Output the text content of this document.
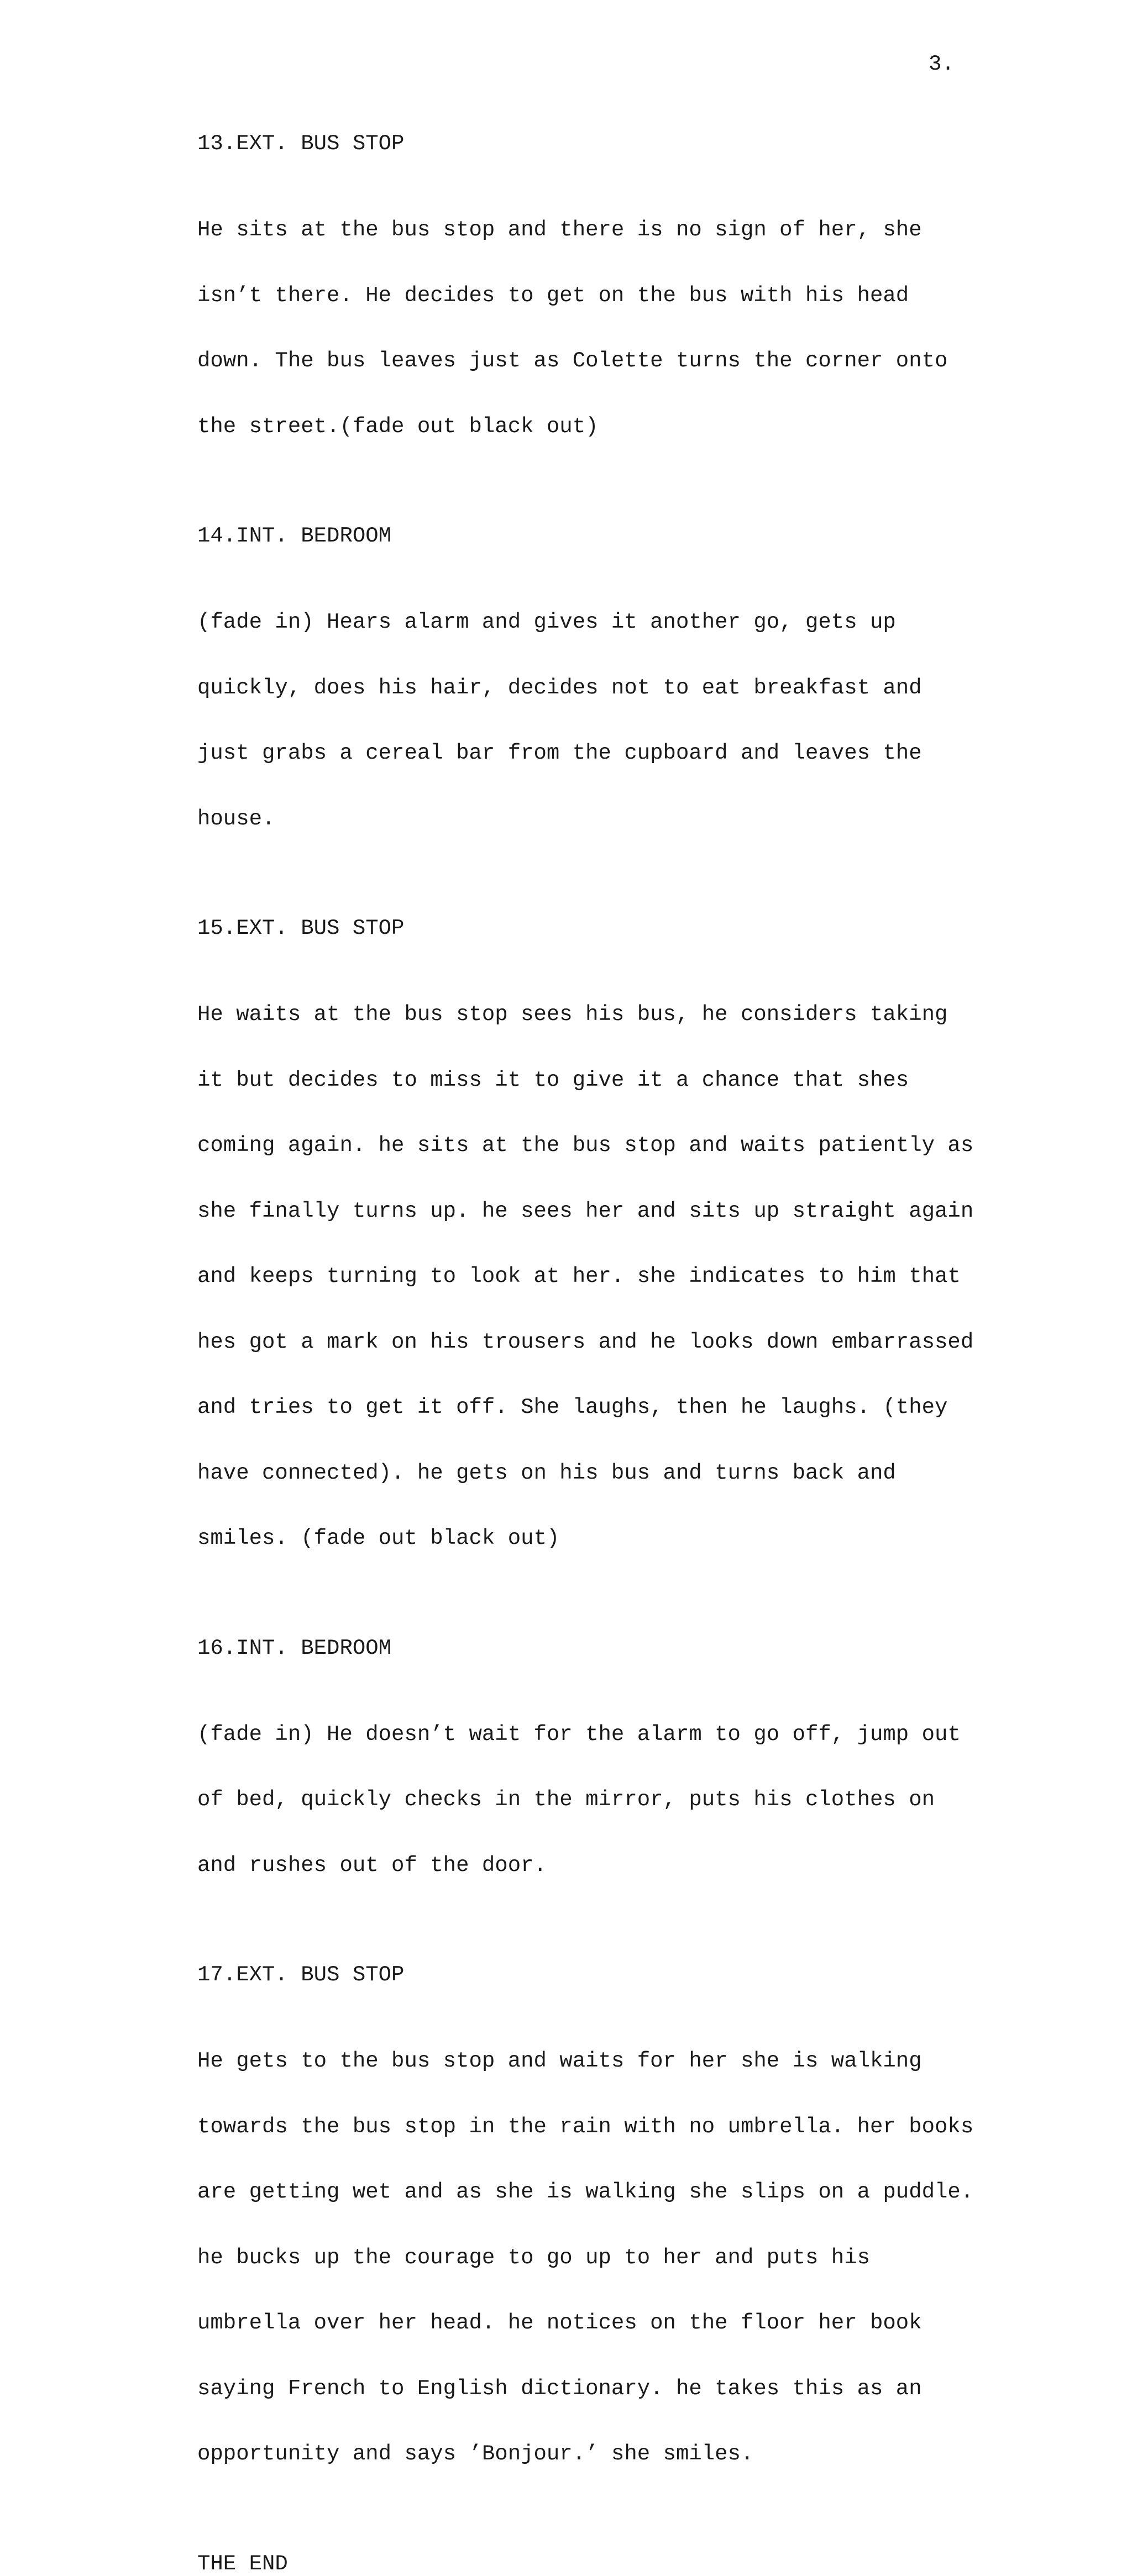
3.
13.EXT. BUS STOP

He sits at the bus stop and there is no sign of her, she

isn’t there. He decides to get on the bus with his head

down. The bus leaves just as Colette turns the corner onto

the street.(fade out black out)

14.INT. BEDROOM

(fade in) Hears alarm and gives it another go, gets up

quickly, does his hair, decides not to eat breakfast and

just grabs a cereal bar from the cupboard and leaves the

house.

15.EXT. BUS STOP

He waits at the bus stop sees his bus, he considers taking

it but decides to miss it to give it a chance that shes

coming again. he sits at the bus stop and waits patiently as

she finally turns up. he sees her and sits up straight again

and keeps turning to look at her. she indicates to him that

hes got a mark on his trousers and he looks down embarrassed

and tries to get it off. She laughs, then he laughs. (they

have connected). he gets on his bus and turns back and

smiles. (fade out black out)

16.INT. BEDROOM

(fade in) He doesn’t wait for the alarm to go off, jump out

of bed, quickly checks in the mirror, puts his clothes on

and rushes out of the door.

17.EXT. BUS STOP

He gets to the bus stop and waits for her she is walking

towards the bus stop in the rain with no umbrella. her books

are getting wet and as she is walking she slips on a puddle.

he bucks up the courage to go up to her and puts his

umbrella over her head. he notices on the floor her book

saying French to English dictionary. he takes this as an

opportunity and says ’Bonjour.’ she smiles.

THE END
